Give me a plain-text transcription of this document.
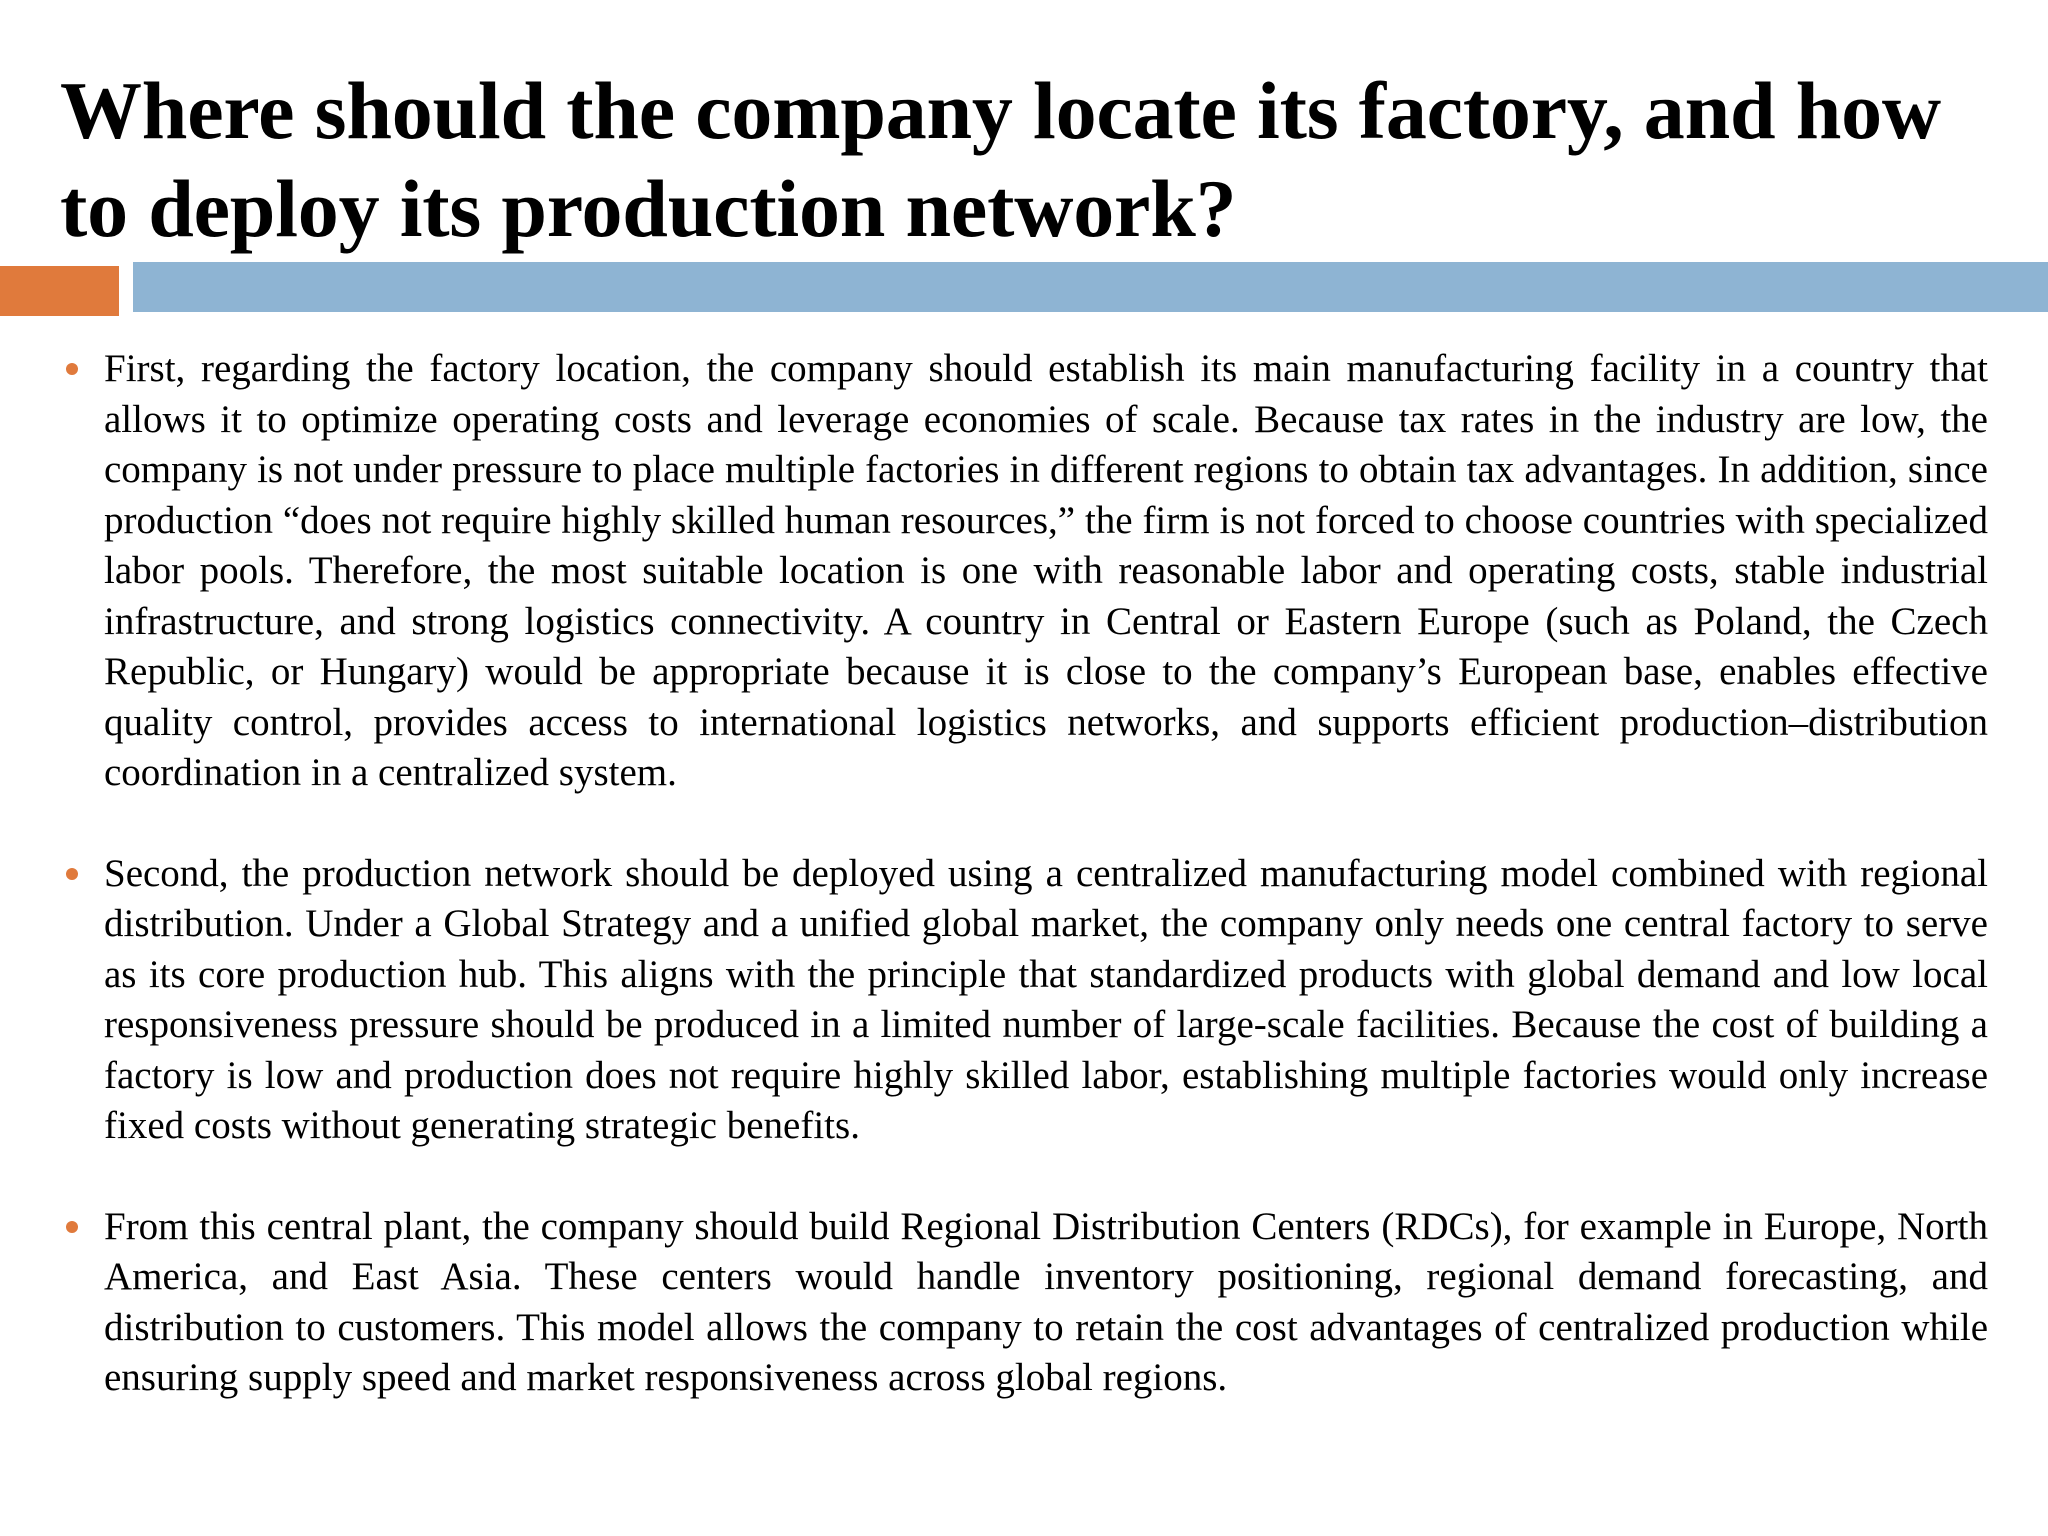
Where should the company locate its factory, and how to deploy its production network?

First, regarding the factory location, the company should establish its main manufacturing facility in a country that allows it to optimize operating costs and leverage economies of scale. Because tax rates in the industry are low, the company is not under pressure to place multiple factories in different regions to obtain tax advantages. In addition, since production “does not require highly skilled human resources,” the firm is not forced to choose countries with specialized labor pools. Therefore, the most suitable location is one with reasonable labor and operating costs, stable industrial infrastructure, and strong logistics connectivity. A country in Central or Eastern Europe (such as Poland, the Czech Republic, or Hungary) would be appropriate because it is close to the company’s European base, enables effective quality control, provides access to international logistics networks, and supports efficient production–distribution coordination in a centralized system.

Second, the production network should be deployed using a centralized manufacturing model combined with regional distribution. Under a Global Strategy and a unified global market, the company only needs one central factory to serve as its core production hub. This aligns with the principle that standardized products with global demand and low local responsiveness pressure should be produced in a limited number of large-scale facilities. Because the cost of building a factory is low and production does not require highly skilled labor, establishing multiple factories would only increase fixed costs without generating strategic benefits.

From this central plant, the company should build Regional Distribution Centers (RDCs), for example in Europe, North America, and East Asia. These centers would handle inventory positioning, regional demand forecasting, and distribution to customers. This model allows the company to retain the cost advantages of centralized production while ensuring supply speed and market responsiveness across global regions.
